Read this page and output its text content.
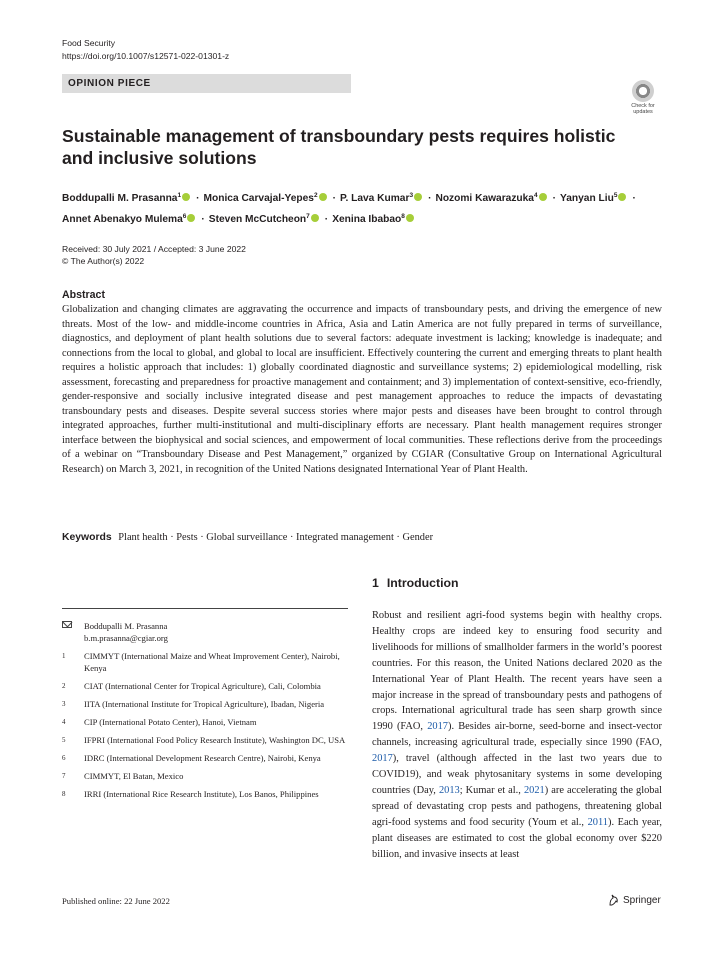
Food Security
https://doi.org/10.1007/s12571-022-01301-z
OPINION PIECE
Check for
updates
Sustainable management of transboundary pests requires holistic
and inclusive solutions
Boddupalli M. Prasanna$^1$ · Monica Carvajal-Yepes$^2$ · P. Lava Kumar$^3$ · Nozomi Kawarazuka$^4$ · Yanyan Liu$^5$ ·
Annet Abenakyo Mulema$^6$ · Steven McCutcheon$^7$ · Xenina Ibabao$^8$
Received: 30 July 2021 / Accepted: 3 June 2022
© The Author(s) 2022
Abstract
Globalization and changing climates are aggravating the occurrence and impacts of transboundary pests, and driving the emergence of new threats. Most of the low- and middle-income countries in Africa, Asia and Latin America are not fully prepared in terms of surveillance, diagnostics, and deployment of plant health solutions due to several factors: adequate investment is lacking; knowledge is inadequate; and connections from the local to global, and global to local are insufficient. Effectively countering the current and emerging threats to plant health requires a holistic approach that includes: 1) globally coordinated diagnostic and surveillance systems; 2) epidemiological modelling, risk assessment, forecasting and preparedness for proactive management and containment; and 3) implementation of context-sensitive, eco-friendly, gender-responsive and socially inclusive integrated disease and pest management approaches to reduce the impacts of devastating transboundary pests and diseases. Despite several success stories where major pests and diseases have been brought to control through integrated approaches, further multi-institutional and multi-disciplinary efforts are necessary. Plant health management requires stronger interface between the biophysical and social sciences, and empowerment of local communities. These reflections derive from the proceedings of a webinar on “Transboundary Disease and Pest Management,” organized by CGIAR (Consultative Group on International Agricultural Research) on March 3, 2021, in recognition of the United Nations designated International Year of Plant Health.
Keywords Plant health · Pests · Global surveillance · Integrated management · Gender
1 Introduction
Robust and resilient agri-food systems begin with healthy crops. Healthy crops are indeed key to ensuring food security and livelihoods for millions of smallholder farmers in the world’s poorest countries. For this reason, the United Nations declared 2020 as the International Year of Plant Health. The recent years have seen a major increase in the spread of transboundary pests and pathogens of crops. International agricultural trade has seen sharp growth since 1990 (FAO, 2017). Besides air-borne, seed-borne and insect-vector channels, increasing agricultural trade, especially since 1990 (FAO, 2017), travel (although affected in the last two years due to COVID19), and weak phytosanitary systems in some developing countries (Day, 2013; Kumar et al., 2021) are accelerating the global spread of devastating crop pests and pathogens, threatening global agri-food systems and food security (Youm et al., 2011). Each year, plant diseases are estimated to cost the global economy over $220 billion, and invasive insects at least
Boddupalli M. Prasanna
b.m.prasanna@cgiar.org
1 CIMMYT (International Maize and Wheat Improvement Center), Nairobi, Kenya
2 CIAT (International Center for Tropical Agriculture), Cali, Colombia
3 IITA (International Institute for Tropical Agriculture), Ibadan, Nigeria
4 CIP (International Potato Center), Hanoi, Vietnam
5 IFPRI (International Food Policy Research Institute), Washington DC, USA
6 IDRC (International Development Research Centre), Nairobi, Kenya
7 CIMMYT, El Batan, Mexico
8 IRRI (International Rice Research Institute), Los Banos, Philippines
Published online: 22 June 2022	Springer
